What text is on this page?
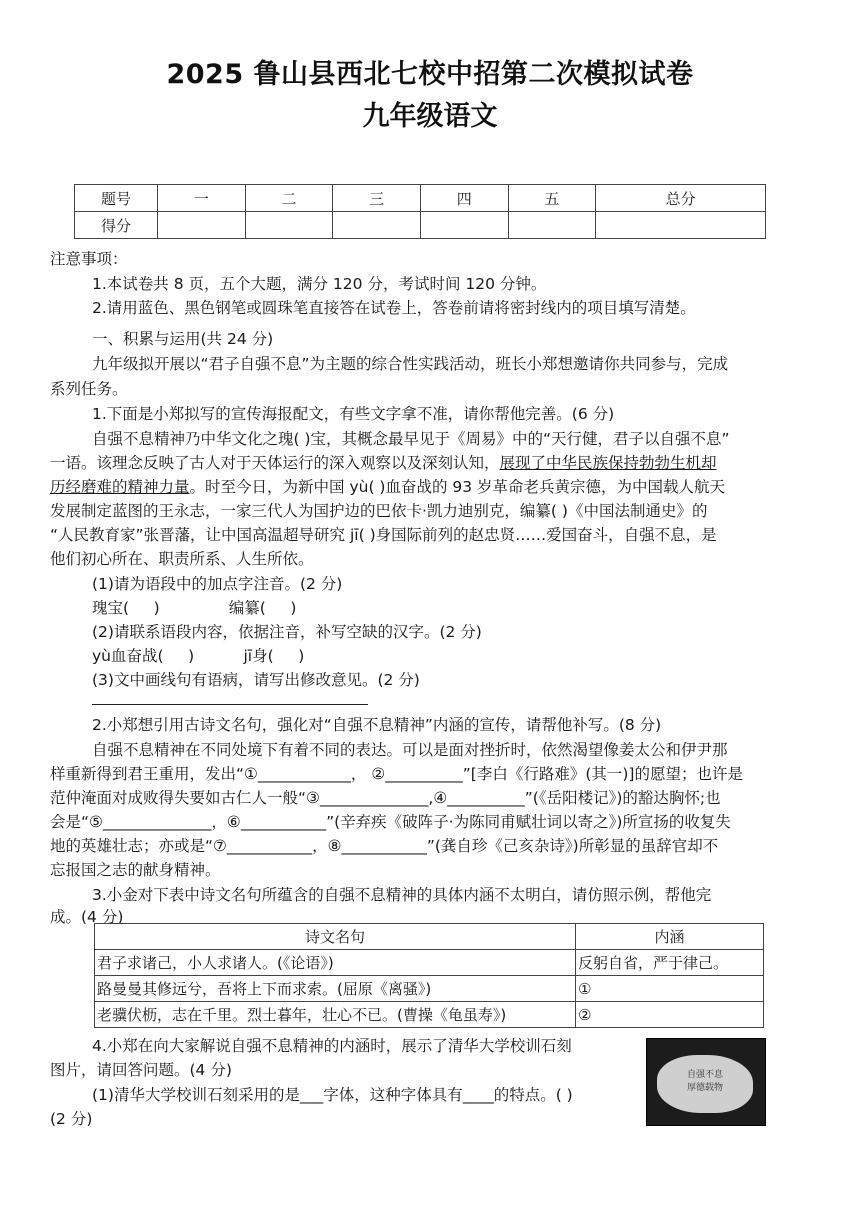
2025 鲁山县西北七校中招第二次模拟试卷
九年级语文
题号	一	二	三	四	五	总分
得分						
注意事项：
1.本试卷共 8 页，五个大题，满分 120 分，考试时间 120 分钟。
2.请用蓝色、黑色钢笔或圆珠笔直接答在试卷上，答卷前请将密封线内的项目填写清楚。
一、积累与运用(共 24 分)
九年级拟开展以“君子自强不息”为主题的综合性实践活动，班长小郑想邀请你共同参与，完成
系列任务。
1.下面是小郑拟写的宣传海报配文，有些文字拿不准，请你帮他完善。(6 分)
自强不息精神乃中华文化之瑰( )宝，其概念最早见于《周易》中的“天行健，君子以自强不息”
一语。该理念反映了古人对于天体运行的深入观察以及深刻认知，展现了中华民族保持勃勃生机却
历经磨难的精神力量。时至今日，为新中国 yù( )血奋战的 93 岁革命老兵黄宗德，为中国载人航天
发展制定蓝图的王永志，一家三代人为国护边的巴依卡·凯力迪别克，编纂( )《中国法制通史》的
“人民教育家”张晋藩，让中国高温超导研究 jī( )身国际前列的赵忠贤……爱国奋斗，自强不息，是
他们初心所在、职责所系、人生所依。
(1)请为语段中的加点字注音。(2 分)
瑰宝(     )              编纂(     )
(2)请联系语段内容，依据注音，补写空缺的汉字。(2 分)
yù血奋战(     )          jī身(     )
(3)文中画线句有语病，请写出修改意见。(2 分)
2.小郑想引用古诗文名句，强化对“自强不息精神”内涵的宣传，请帮他补写。(8 分)
自强不息精神在不同处境下有着不同的表达。可以是面对挫折时，依然渴望像姜太公和伊尹那
样重新得到君王重用，发出“①____________， ②__________”[李白《行路难》(其一)]的愿望；也许是
范仲淹面对成败得失要如古仁人一般“③______________,④__________”(《岳阳楼记》)的豁达胸怀;也
会是“⑤______________，⑥___________”(辛弃疾《破阵子·为陈同甫赋壮词以寄之》)所宣扬的收复失
地的英雄壮志；亦或是“⑦___________，⑧___________”(龚自珍《己亥杂诗》)所彰显的虽辞官却不
忘报国之志的献身精神。
3.小金对下表中诗文名句所蕴含的自强不息精神的具体内涵不太明白，请仿照示例，帮他完
成。(4 分)
诗文名句	内涵
君子求诸己，小人求诸人。(《论语》)	反躬自省，严于律己。
路曼曼其修远兮，吾将上下而求索。(屈原《离骚》)	①
老骥伏枥，志在千里。烈士暮年，壮心不已。(曹操《龟虽寿》)	②
4.小郑在向大家解说自强不息精神的内涵时，展示了清华大学校训石刻
图片，请回答问题。(4 分)
(1)清华大学校训石刻采用的是___字体，这种字体具有____的特点。( )
(2 分)
自强不息
厚德载物
